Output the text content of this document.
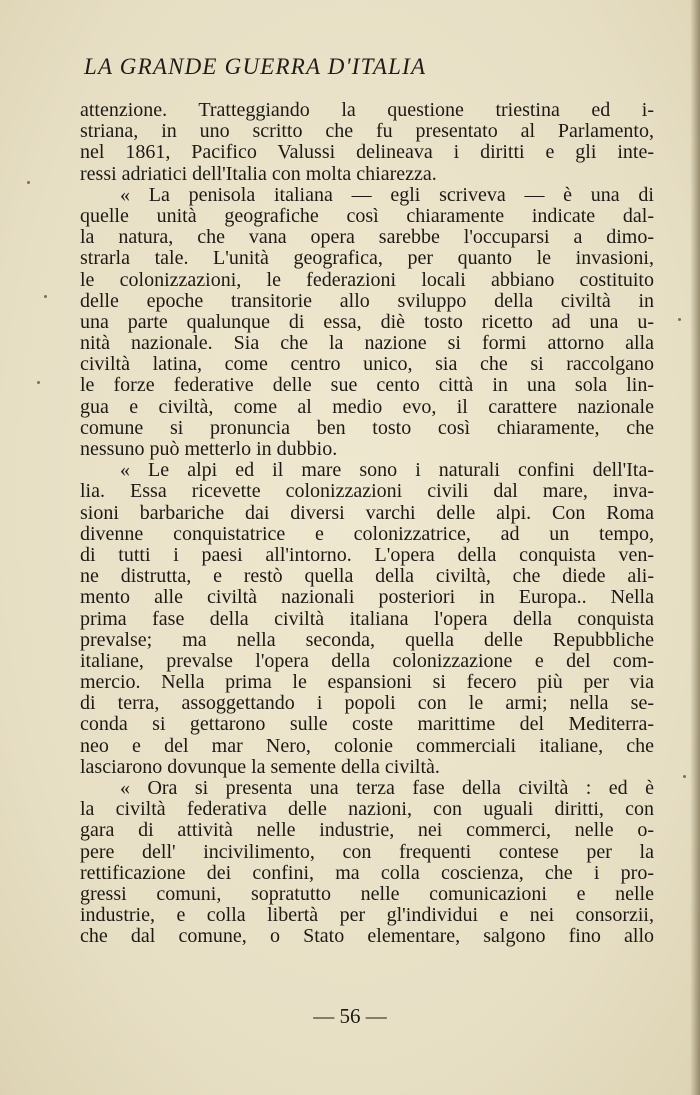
LA GRANDE GUERRA D'ITALIA
attenzione. Tratteggiando la questione triestina ed i-
striana, in uno scritto che fu presentato al Parlamento,
nel 1861, Pacifico Valussi delineava i diritti e gli inte-
ressi adriatici dell'Italia con molta chiarezza.
« La penisola italiana — egli scriveva — è una di
quelle unità geografiche così chiaramente indicate dal-
la natura, che vana opera sarebbe l'occuparsi a dimo-
strarla tale. L'unità geografica, per quanto le invasioni,
le colonizzazioni, le federazioni locali abbiano costituito
delle epoche transitorie allo sviluppo della civiltà in
una parte qualunque di essa, diè tosto ricetto ad una u-
nità nazionale. Sia che la nazione si formi attorno alla
civiltà latina, come centro unico, sia che si raccolgano
le forze federative delle sue cento città in una sola lin-
gua e civiltà, come al medio evo, il carattere nazionale
comune si pronuncia ben tosto così chiaramente, che
nessuno può metterlo in dubbio.
« Le alpi ed il mare sono i naturali confini dell'Ita-
lia. Essa ricevette colonizzazioni civili dal mare, inva-
sioni barbariche dai diversi varchi delle alpi. Con Roma
divenne conquistatrice e colonizzatrice, ad un tempo,
di tutti i paesi all'intorno. L'opera della conquista ven-
ne distrutta, e restò quella della civiltà, che diede ali-
mento alle civiltà nazionali posteriori in Europa.. Nella
prima fase della civiltà italiana l'opera della conquista
prevalse; ma nella seconda, quella delle Repubbliche
italiane, prevalse l'opera della colonizzazione e del com-
mercio. Nella prima le espansioni si fecero più per via
di terra, assoggettando i popoli con le armi; nella se-
conda si gettarono sulle coste marittime del Mediterra-
neo e del mar Nero, colonie commerciali italiane, che
lasciarono dovunque la semente della civiltà.
« Ora si presenta una terza fase della civiltà : ed è
la civiltà federativa delle nazioni, con uguali diritti, con
gara di attività nelle industrie, nei commerci, nelle o-
pere dell' incivilimento, con frequenti contese per la
rettificazione dei confini, ma colla coscienza, che i pro-
gressi comuni, sopratutto nelle comunicazioni e nelle
industrie, e colla libertà per gl'individui e nei consorzii,
che dal comune, o Stato elementare, salgono fino allo
— 56 —
